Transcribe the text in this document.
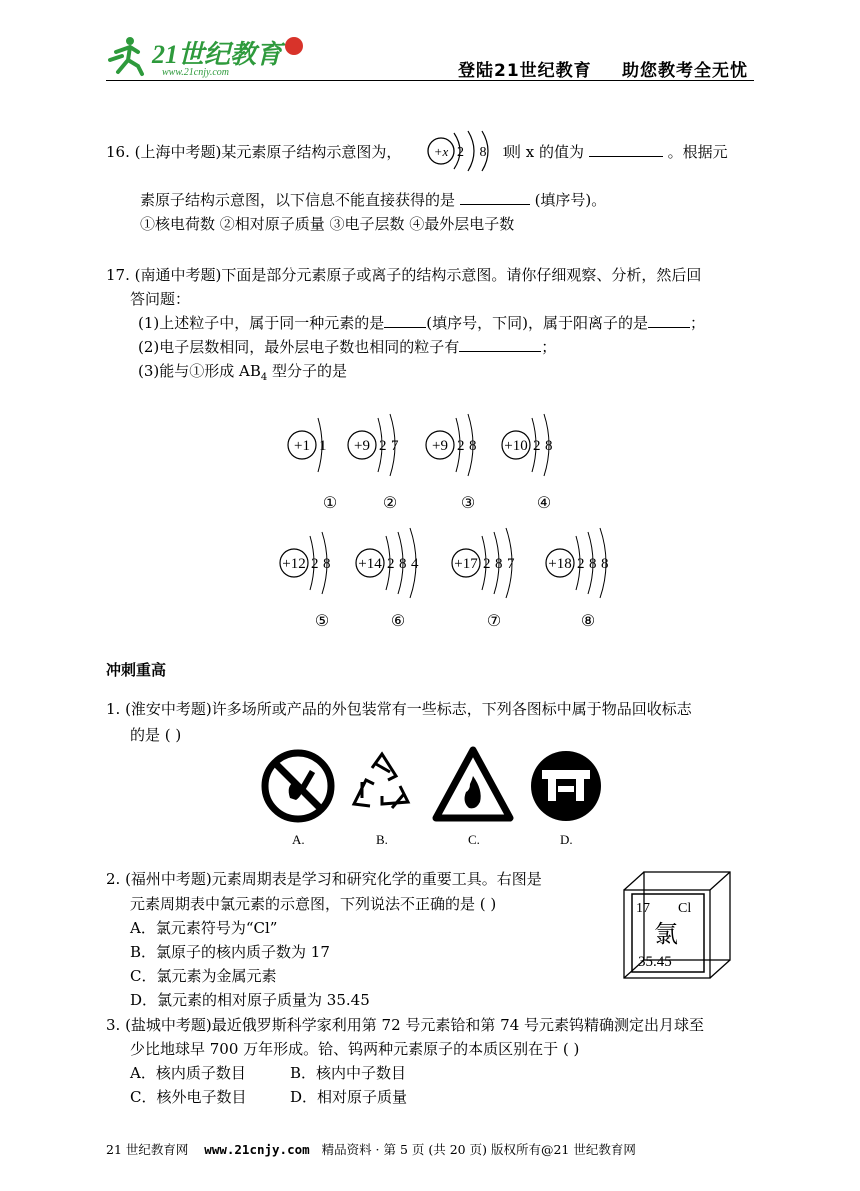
21世纪教育
www.21cnjy.com	登陆21世纪教育 助您教考全无忧
16. (上海中考题)某元素原子结构示意图为， +x 2 8 1
则 x 的值为	。根据元
素原子结构示意图，以下信息不能直接获得的是	(填序号)。
①核电荷数 ②相对原子质量 ③电子层数 ④最外层电子数
17. (南通中考题)下面是部分元素原子或离子的结构示意图。请你仔细观察、分析，然后回
答问题：
(1)上述粒子中，属于同一种元素的是	(填序号，下同)，属于阳离子的是	；
(2)电子层数相同，最外层电子数也相同的粒子有	；
(3)能与①形成 $AB_4$ 型分子的是
+1 1
①
+9 2 7
②
+9 2 8
③
+10 2 8
④
+12 2 8
⑤
+14 2 8 4
⑥
+17 2 8 7
⑦
+18 2 8 8
⑧
冲刺重高
1. (淮安中考题)许多场所或产品的外包装常有一些标志，下列各图标中属于物品回收标志
的是 ( )
A.	B.	C.	D.
2. (福州中考题)元素周期表是学习和研究化学的重要工具。右图是
元素周期表中氯元素的示意图，下列说法不正确的是 ( )
A．氯元素符号为“Cl”
B．氯原子的核内质子数为 17
C．氯元素为金属元素
D．氯元素的相对原子质量为 35.45
17 Cl
氯
35.45
3. (盐城中考题)最近俄罗斯科学家利用第 72 号元素铪和第 74 号元素钨精确测定出月球至
少比地球早 700 万年形成。铪、钨两种元素原子的本质区别在于 ( )
A．核内质子数目	B．核内中子数目
C．核外电子数目	D．相对原子质量
21 世纪教育网 www.21cnjy.com 精品资料 · 第 5 页 (共 20 页) 版权所有@21 世纪教育网
